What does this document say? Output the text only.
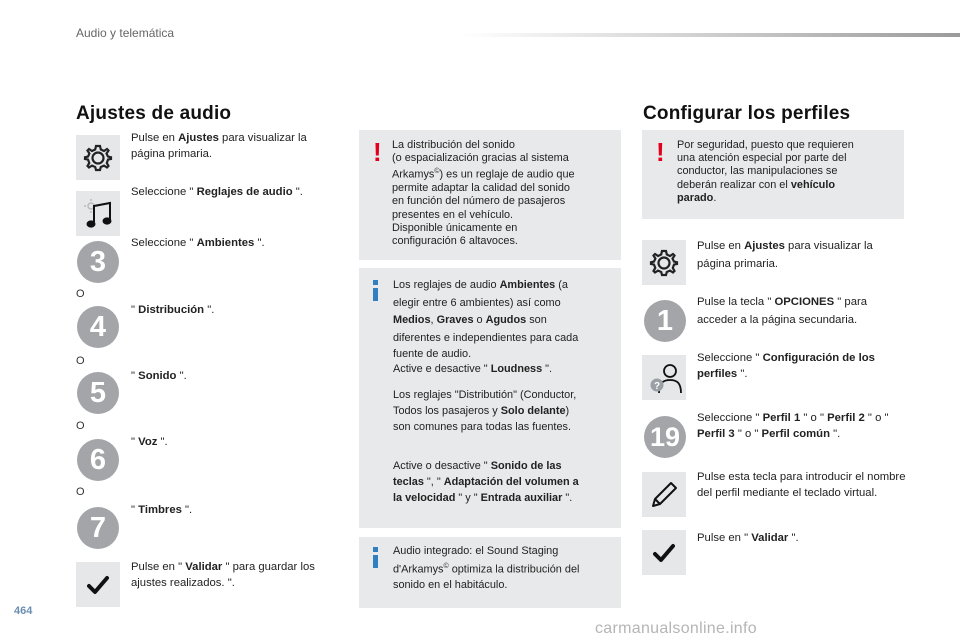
Audio y telemática
Ajustes de audio
Pulse en Ajustes para visualizar la página primaria.
Seleccione " Reglajes de audio ".
3
Seleccione " Ambientes ".
O
4
" Distribución ".
O
5
" Sonido ".
O
6
" Voz ".
O
7
" Timbres ".
Pulse en " Validar " para guardar los ajustes realizados. ".
! La distribución del sonido
(o espacialización gracias al sistema
Arkamys©) es un reglaje de audio que
permite adaptar la calidad del sonido
en función del número de pasajeros
presentes en el vehículo.
Disponible únicamente en
configuración 6 altavoces.
Los reglajes de audio Ambientes (a
elegir entre 6 ambientes) así como
Medios, Graves o Agudos son
diferentes e independientes para cada
fuente de audio.
Active e desactive " Loudness ".
Los reglajes "Distributión" (Conductor,
Todos los pasajeros y Solo delante)
son comunes para todas las fuentes.
Active o desactive " Sonido de las
teclas ", " Adaptación del volumen a
la velocidad " y " Entrada auxiliar ".
Audio integrado: el Sound Staging
d'Arkamys© optimiza la distribución del
sonido en el habitáculo.
Configurar los perfiles
! Por seguridad, puesto que requieren
una atención especial por parte del
conductor, las manipulaciones se
deberán realizar con el vehículo
parado.
Pulse en Ajustes para visualizar la página primaria.
1
Pulse la tecla " OPCIONES " para acceder a la página secundaria.
?
Seleccione " Configuración de los perfiles ".
19
Seleccione " Perfil 1 " o " Perfil 2 " o " Perfil 3 " o " Perfil común ".
Pulse esta tecla para introducir el nombre del perfil mediante el teclado virtual.
Pulse en " Validar ".
464
carmanualsonline.info
